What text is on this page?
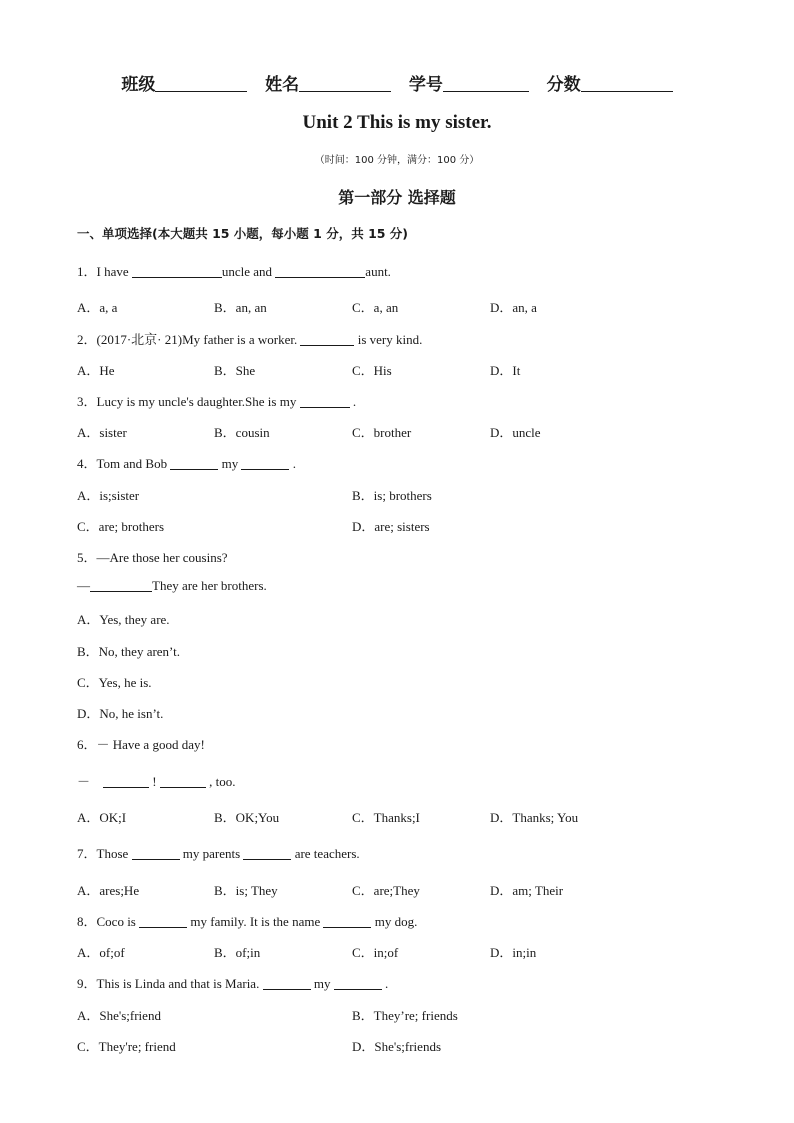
班级	姓名	学号	分数
Unit 2 This is my sister.
（时间：100 分钟，满分：100 分）
第一部分 选择题
一、单项选择(本大题共 15 小题，每小题 1 分，共 15 分)
1．I have	uncle and	aunt.
A．a, a	B．an, an	C．a, an	D．an, a
2．(2017·北京· 21)My father is a worker.	is very kind.
A．He	B．She	C．His	D．It
3．Lucy is my uncle's daughter.She is my	.
A．sister	B．cousin	C．brother	D．uncle
4．Tom and Bob	my	.
A．is;sister	B．is; brothers
C．are; brothers	D．are; sisters
5．—Are those her cousins?
—	They are her brothers.
A．Yes, they are.
B．No, they aren’t.
C．Yes, he is.
D．No, he isn’t.
6．－ Have a good day!
－	!	, too.
A．OK;I	B．OK;You	C．Thanks;I	D．Thanks; You
7．Those	my parents	are teachers.
A．ares;He	B．is; They	C．are;They	D．am; Their
8．Coco is	my family. It is the name	my dog.
A．of;of	B．of;in	C．in;of	D．in;in
9．This is Linda and that is Maria.	my	.
A．She's;friend	B．They’re; friends
C．They're; friend	D．She's;friends
